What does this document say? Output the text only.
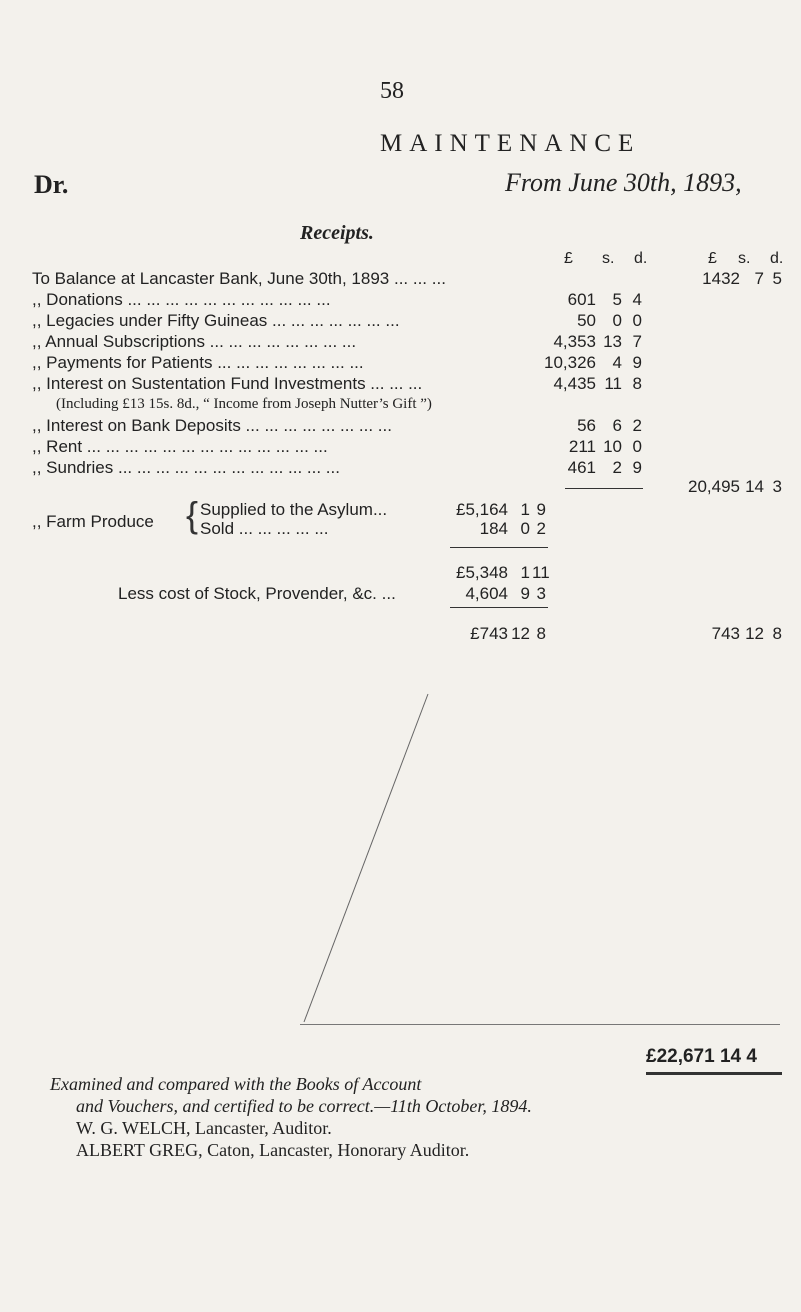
58
MAINTENANCE
Dr.	From June 30th, 1893,
Receipts.
£ s. d.	£ s. d.
To Balance at Lancaster Bank, June 30th, 1893 ... ... ...	1432 7 5
,, Donations ... ... ... ... ... ... ... ... ... ... ...	601 5 4
,, Legacies under Fifty Guineas ... ... ... ... ... ... ...	50 0 0
,, Annual Subscriptions ... ... ... ... ... ... ... ...	4,353 13 7
,, Payments for Patients ... ... ... ... ... ... ... ...	10,326 4 9
,, Interest on Sustentation Fund Investments ... ... ...	4,435 11 8
(Including £13 15s. 8d., “ Income from Joseph Nutter’s Gift ”)
,, Interest on Bank Deposits ... ... ... ... ... ... ... ...	56 6 2
,, Rent ... ... ... ... ... ... ... ... ... ... ... ... ...	211 10 0
,, Sundries ... ... ... ... ... ... ... ... ... ... ... ...	461 2 9
20,495 14 3
,, Farm Produce { Supplied to the Asylum...	£5,164 1 9
Sold ... ... ... ... ...	184 0 2
£5,348 1 11
Less cost of Stock, Provender, &c. ...	4,604 9 3
£743 12 8	743 12 8
£22,671 14 4
Examined and compared with the Books of Account
and Vouchers, and certified to be correct.—11th October, 1894.
W. G. WELCH, Lancaster, Auditor.
ALBERT GREG, Caton, Lancaster, Honorary Auditor.
